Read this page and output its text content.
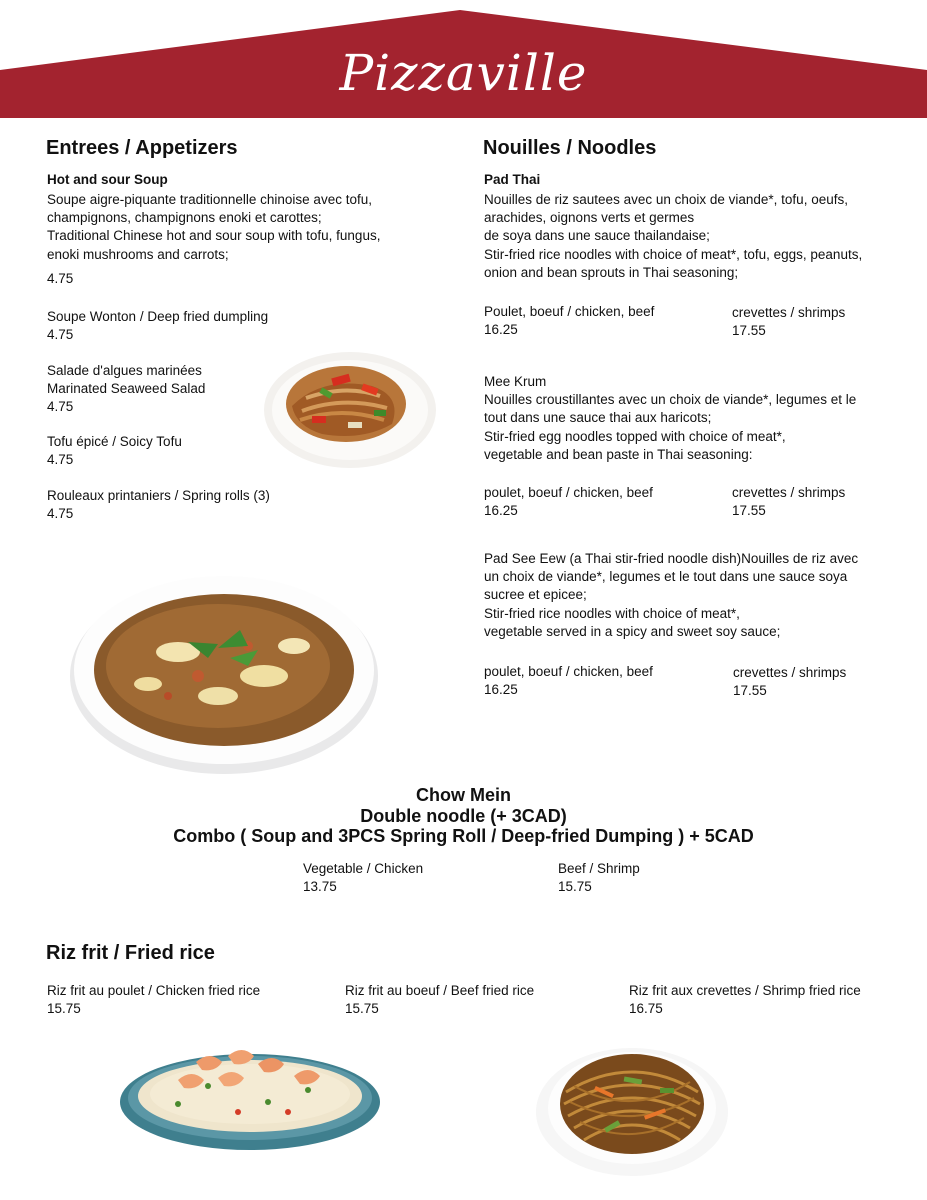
Pizzaville
Entrees / Appetizers
Hot and sour Soup
Soupe aigre-piquante traditionnelle chinoise avec tofu,
champignons, champignons enoki et carottes;
Traditional Chinese hot and sour soup with tofu, fungus,
enoki mushrooms and carrots;
4.75
Soupe Wonton / Deep fried dumpling
4.75
Salade d'algues marinées
Marinated Seaweed Salad
4.75
Tofu épicé / Soicy Tofu
4.75
Rouleaux printaniers / Spring rolls (3)
4.75
Nouilles / Noodles
Pad Thai
Nouilles de riz sautees avec un choix de viande*, tofu, oeufs,
arachides, oignons verts et germes
de soya dans une sauce thailandaise;
Stir-fried rice noodles with choice of meat*, tofu, eggs, peanuts,
onion and bean sprouts in Thai seasoning;
Poulet, boeuf / chicken, beef
16.25
crevettes / shrimps
17.55
Mee Krum
Nouilles croustillantes avec un choix de viande*, legumes et le
tout dans une sauce thai aux haricots;
Stir-fried egg noodles topped with choice of meat*,
vegetable and bean paste in Thai seasoning:
poulet, boeuf / chicken, beef
16.25
crevettes / shrimps
17.55
Pad See Eew (a Thai stir-fried noodle dish)Nouilles de riz avec
un choix de viande*, legumes et le tout dans une sauce soya
sucree et epicee;
Stir-fried rice noodles with choice of meat*,
vegetable served in a spicy and sweet soy sauce;
poulet, boeuf / chicken, beef
16.25
crevettes / shrimps
17.55
Chow Mein
Double noodle (+ 3CAD)
Combo ( Soup and 3PCS Spring Roll / Deep-fried Dumping ) + 5CAD
Vegetable / Chicken
13.75
Beef / Shrimp
15.75
Riz frit / Fried rice
Riz frit au poulet / Chicken fried rice
15.75
Riz frit au boeuf / Beef fried rice
15.75
Riz frit aux crevettes / Shrimp fried rice
16.75
